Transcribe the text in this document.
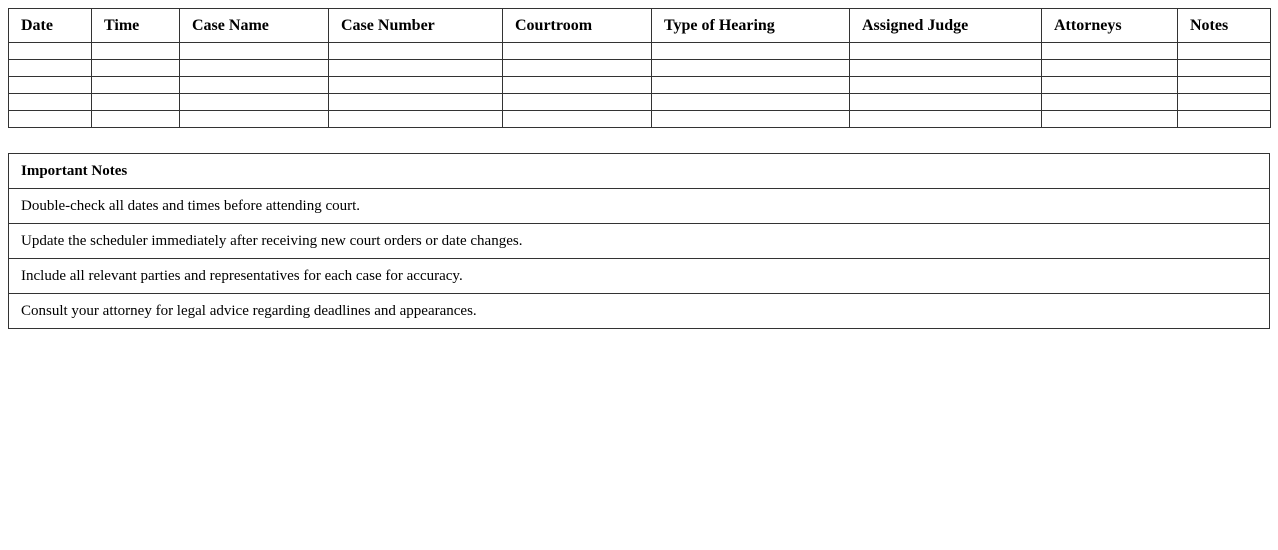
Date	Time	Case Name	Case Number	Courtroom	Type of Hearing	Assigned Judge	Attorneys	Notes

Important Notes
Double-check all dates and times before attending court.
Update the scheduler immediately after receiving new court orders or date changes.
Include all relevant parties and representatives for each case for accuracy.
Consult your attorney for legal advice regarding deadlines and appearances.
